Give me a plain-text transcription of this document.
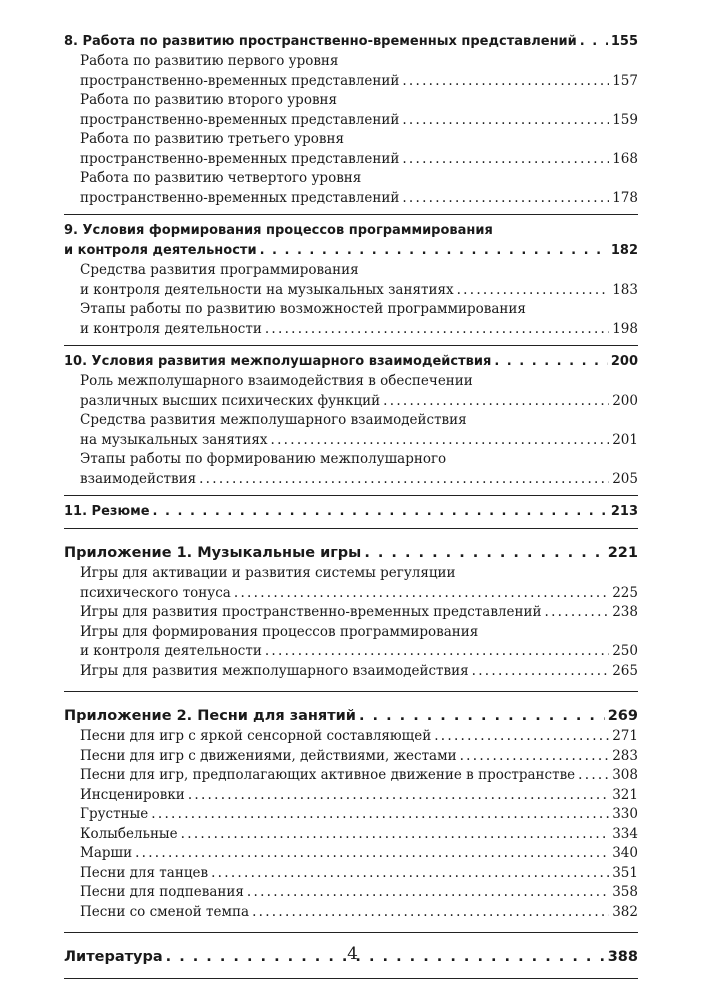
8. Работа по развитию пространственно-временных представлений . . .	155
Работа по развитию первого уровня
пространственно-временных представлений . . .	157
Работа по развитию второго уровня
пространственно-временных представлений . . .	159
Работа по развитию третьего уровня
пространственно-временных представлений . . .	168
Работа по развитию четвертого уровня
пространственно-временных представлений . . .	178
9. Условия формирования процессов программирования
и контроля деятельности . . .	182
Средства развития программирования
и контроля деятельности на музыкальных занятиях . . .	183
Этапы работы по развитию возможностей программирования
и контроля деятельности . . .	198
10. Условия развития межполушарного взаимодействия . . .	200
Роль межполушарного взаимодействия в обеспечении
различных высших психических функций . . .	200
Средства развития межполушарного взаимодействия
на музыкальных занятиях . . .	201
Этапы работы по формированию межполушарного
взаимодействия . . .	205
11. Резюме . . .	213
Приложение 1. Музыкальные игры . . .	221
Игры для активации и развития системы регуляции
психического тонуса . . .	225
Игры для развития пространственно-временных представлений . . .	238
Игры для формирования процессов программирования
и контроля деятельности . . .	250
Игры для развития межполушарного взаимодействия . . .	265
Приложение 2. Песни для занятий . . .	269
Песни для игр с яркой сенсорной составляющей . . .	271
Песни для игр с движениями, действиями, жестами . . .	283
Песни для игр, предполагающих активное движение в пространстве . . .	308
Инсценировки . . .	321
Грустные . . .	330
Колыбельные . . .	334
Марши . . .	340
Песни для танцев . . .	351
Песни для подпевания . . .	358
Песни со сменой темпа . . .	382
Литература . . .	388
4
